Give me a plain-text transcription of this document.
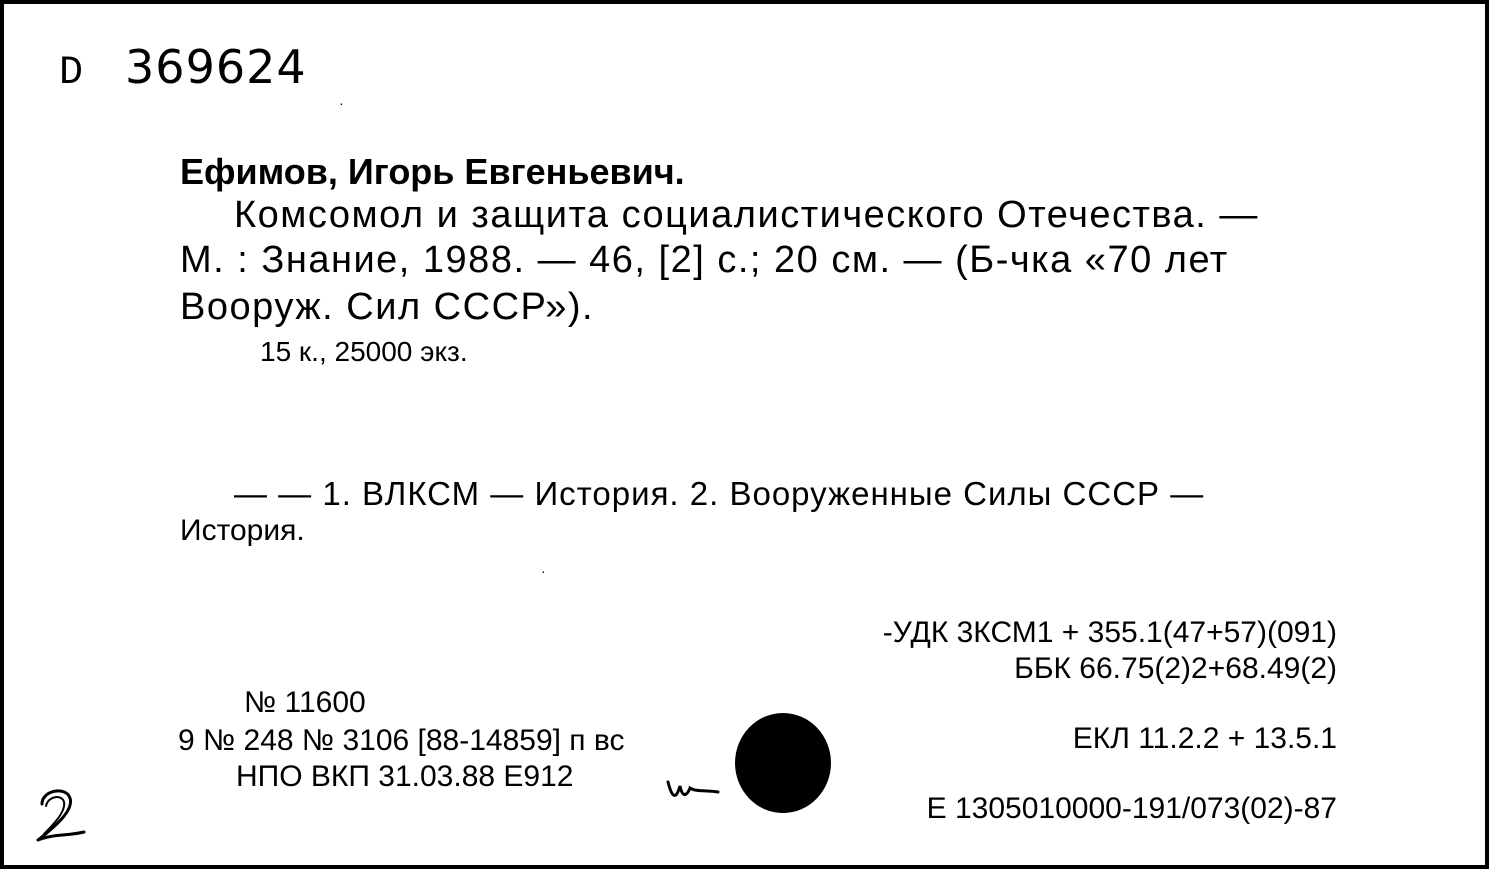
D 369624
Ефимов, Игорь Евгеньевич.
Комсомол и защита социалистического Отечества. —
М. : Знание, 1988. — 46, [2] с.; 20 см. — (Б-чка «70 лет
Вооруж. Сил СССР»).
15 к., 25000 экз.
— — 1. ВЛКСМ — История. 2. Вооруженные Силы СССР —
История.
-УДК 3КСМ1 + 355.1(47+57)(091)
ББК 66.75(2)2+68.49(2)
ЕКЛ 11.2.2 + 13.5.1
Е 1305010000-191/073(02)-87
№ 11600
9 № 248 № 3106 [88-14859] п вс
НПО ВКП 31.03.88 Е912
·
·
